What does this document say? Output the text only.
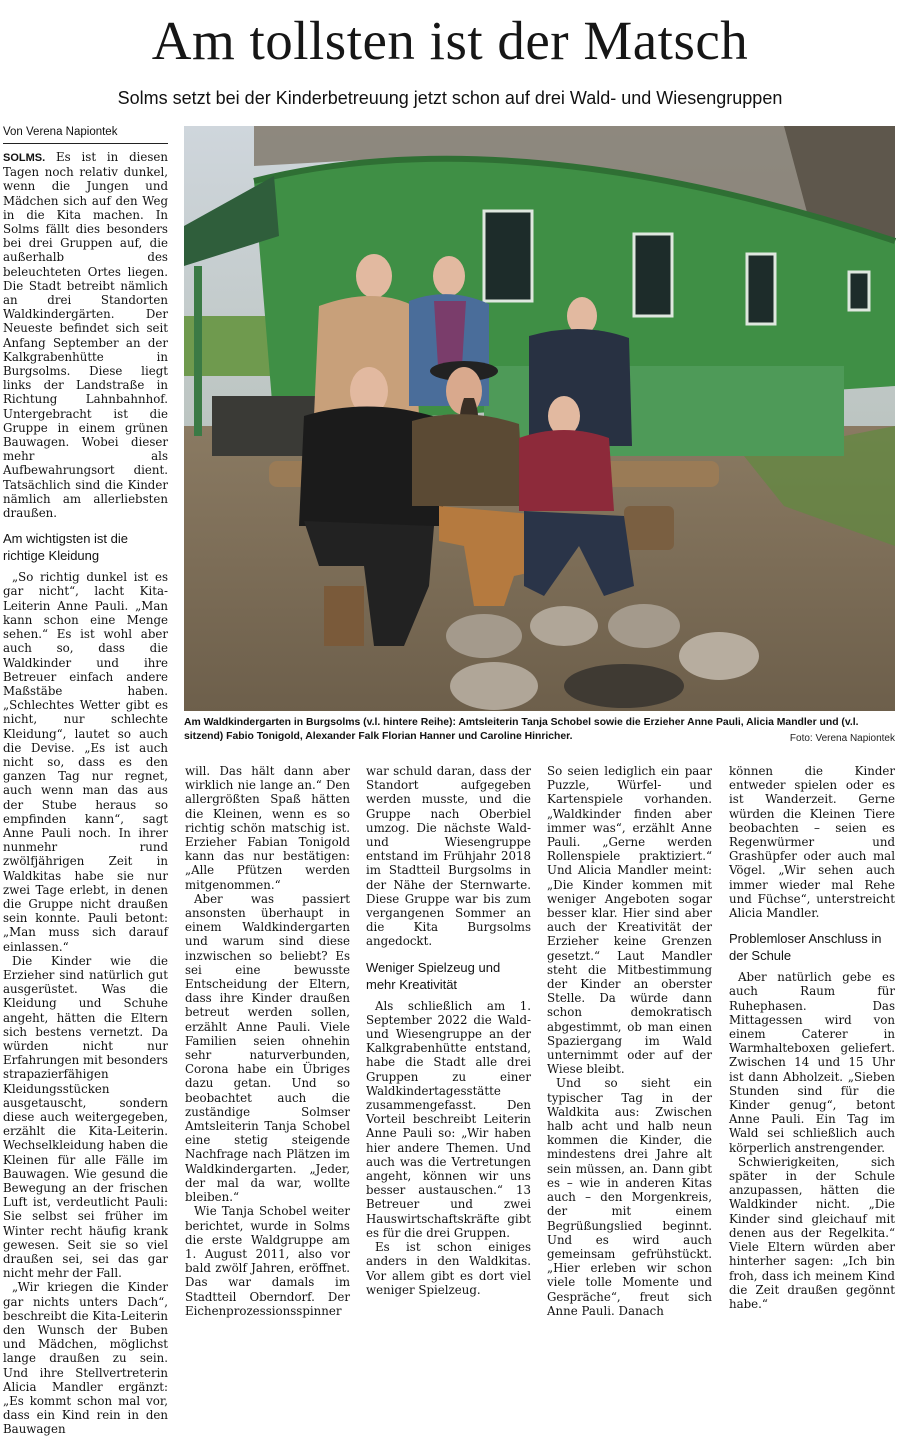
Am tollsten ist der Matsch
Solms setzt bei der Kinderbetreuung jetzt schon auf drei Wald- und Wiesengruppen
Von Verena Napiontek

SOLMS. Es ist in diesen Tagen noch relativ dunkel, wenn die Jungen und Mädchen sich auf den Weg in die Kita machen. In Solms fällt dies besonders bei drei Gruppen auf, die außerhalb des beleuchteten Ortes liegen. Die Stadt betreibt nämlich an drei Standorten Waldkindergärten. Der Neueste befindet sich seit Anfang September an der Kalkgrabenhütte in Burgsolms. Diese liegt links der Landstraße in Richtung Lahnbahnhof. Untergebracht ist die Gruppe in einem grünen Bauwagen. Wobei dieser mehr als Aufbewahrungsort dient. Tatsächlich sind die Kinder nämlich am allerliebsten draußen.

Am wichtigsten ist die richtige Kleidung

„So richtig dunkel ist es gar nicht“, lacht Kita-Leiterin Anne Pauli. „Man kann schon eine Menge sehen.“ Es ist wohl aber auch so, dass die Waldkinder und ihre Betreuer einfach andere Maßstäbe haben. „Schlechtes Wetter gibt es nicht, nur schlechte Kleidung“, lautet so auch die Devise. „Es ist auch nicht so, dass es den ganzen Tag nur regnet, auch wenn man das aus der Stube heraus so empfinden kann“, sagt Anne Pauli noch. In ihrer nunmehr rund zwölfjährigen Zeit in Waldkitas habe sie nur zwei Tage erlebt, in denen die Gruppe nicht draußen sein konnte. Pauli betont: „Man muss sich darauf einlassen.“

Die Kinder wie die Erzieher sind natürlich gut ausgerüstet. Was die Kleidung und Schuhe angeht, hätten die Eltern sich bestens vernetzt. Da würden nicht nur Erfahrungen mit besonders strapazierfähigen Kleidungsstücken ausgetauscht, sondern diese auch weitergegeben, erzählt die Kita-Leiterin. Wechselkleidung haben die Kleinen für alle Fälle im Bauwagen. Wie gesund die Bewegung an der frischen Luft ist, verdeutlicht Pauli: Sie selbst sei früher im Winter recht häufig krank gewesen. Seit sie so viel draußen sei, sei das gar nicht mehr der Fall.

„Wir kriegen die Kinder gar nichts unters Dach“, beschreibt die Kita-Leiterin den Wunsch der Buben und Mädchen, möglichst lange draußen zu sein. Und ihre Stellvertreterin Alicia Mandler ergänzt: „Es kommt schon mal vor, dass ein Kind rein in den Bauwagen

Am Waldkindergarten in Burgsolms (v.l. hintere Reihe): Amtsleiterin Tanja Schobel sowie die Erzieher Anne Pauli, Alicia Mandler und (v.l. sitzend) Fabio Tonigold, Alexander Falk Florian Hanner und Caroline Hinricher.	Foto: Verena Napiontek

will. Das hält dann aber wirklich nie lange an.“ Den allergrößten Spaß hätten die Kleinen, wenn es so richtig schön matschig ist. Erzieher Fabian Tonigold kann das nur bestätigen: „Alle Pfützen werden mitgenommen.“

Aber was passiert ansonsten überhaupt in einem Waldkindergarten und warum sind diese inzwischen so beliebt? Es sei eine bewusste Entscheidung der Eltern, dass ihre Kinder draußen betreut werden sollen, erzählt Anne Pauli. Viele Familien seien ohnehin sehr naturverbunden, Corona habe ein Übriges dazu getan. Und so beobachtet auch die zuständige Solmser Amtsleiterin Tanja Schobel eine stetig steigende Nachfrage nach Plätzen im Waldkindergarten. „Jeder, der mal da war, wollte bleiben.“

Wie Tanja Schobel weiter berichtet, wurde in Solms die erste Waldgruppe am 1. August 2011, also vor bald zwölf Jahren, eröffnet. Das war damals im Stadtteil Oberndorf. Der Eichenprozessionsspinner

war schuld daran, dass der Standort aufgegeben werden musste, und die Gruppe nach Oberbiel umzog. Die nächste Wald- und Wiesengruppe entstand im Frühjahr 2018 im Stadtteil Burgsolms in der Nähe der Sternwarte. Diese Gruppe war bis zum vergangenen Sommer an die Kita Burgsolms angedockt.

Weniger Spielzeug und mehr Kreativität

Als schließlich am 1. September 2022 die Wald- und Wiesengruppe an der Kalkgrabenhütte entstand, habe die Stadt alle drei Gruppen zu einer Waldkindertagesstätte zusammengefasst. Den Vorteil beschreibt Leiterin Anne Pauli so: „Wir haben hier andere Themen. Und auch was die Vertretungen angeht, können wir uns besser austauschen.“ 13 Betreuer und zwei Hauswirtschaftskräfte gibt es für die drei Gruppen.

Es ist schon einiges anders in den Waldkitas. Vor allem gibt es dort viel weniger Spielzeug.

So seien lediglich ein paar Puzzle, Würfel- und Kartenspiele vorhanden. „Waldkinder finden aber immer was“, erzählt Anne Pauli. „Gerne werden Rollenspiele praktiziert.“ Und Alicia Mandler meint: „Die Kinder kommen mit weniger Angeboten sogar besser klar. Hier sind aber auch der Kreativität der Erzieher keine Grenzen gesetzt.“ Laut Mandler steht die Mitbestimmung der Kinder an oberster Stelle. Da würde dann schon demokratisch abgestimmt, ob man einen Spaziergang im Wald unternimmt oder auf der Wiese bleibt.

Und so sieht ein typischer Tag in der Waldkita aus: Zwischen halb acht und halb neun kommen die Kinder, die mindestens drei Jahre alt sein müssen, an. Dann gibt es – wie in anderen Kitas auch – den Morgenkreis, der mit einem Begrüßungslied beginnt. Und es wird auch gemeinsam gefrühstückt. „Hier erleben wir schon viele tolle Momente und Gespräche“, freut sich Anne Pauli. Danach

können die Kinder entweder spielen oder es ist Wanderzeit. Gerne würden die Kleinen Tiere beobachten – seien es Regenwürmer und Grashüpfer oder auch mal Vögel. „Wir sehen auch immer wieder mal Rehe und Füchse“, unterstreicht Alicia Mandler.

Problemloser Anschluss in der Schule

Aber natürlich gebe es auch Raum für Ruhephasen. Das Mittagessen wird von einem Caterer in Warmhalteboxen geliefert. Zwischen 14 und 15 Uhr ist dann Abholzeit. „Sieben Stunden sind für die Kinder genug“, betont Anne Pauli. Ein Tag im Wald sei schließlich auch körperlich anstrengender.

Schwierigkeiten, sich später in der Schule anzupassen, hätten die Waldkinder nicht. „Die Kinder sind gleichauf mit denen aus der Regelkita.“ Viele Eltern würden aber hinterher sagen: „Ich bin froh, dass ich meinem Kind die Zeit draußen gegönnt habe.“
